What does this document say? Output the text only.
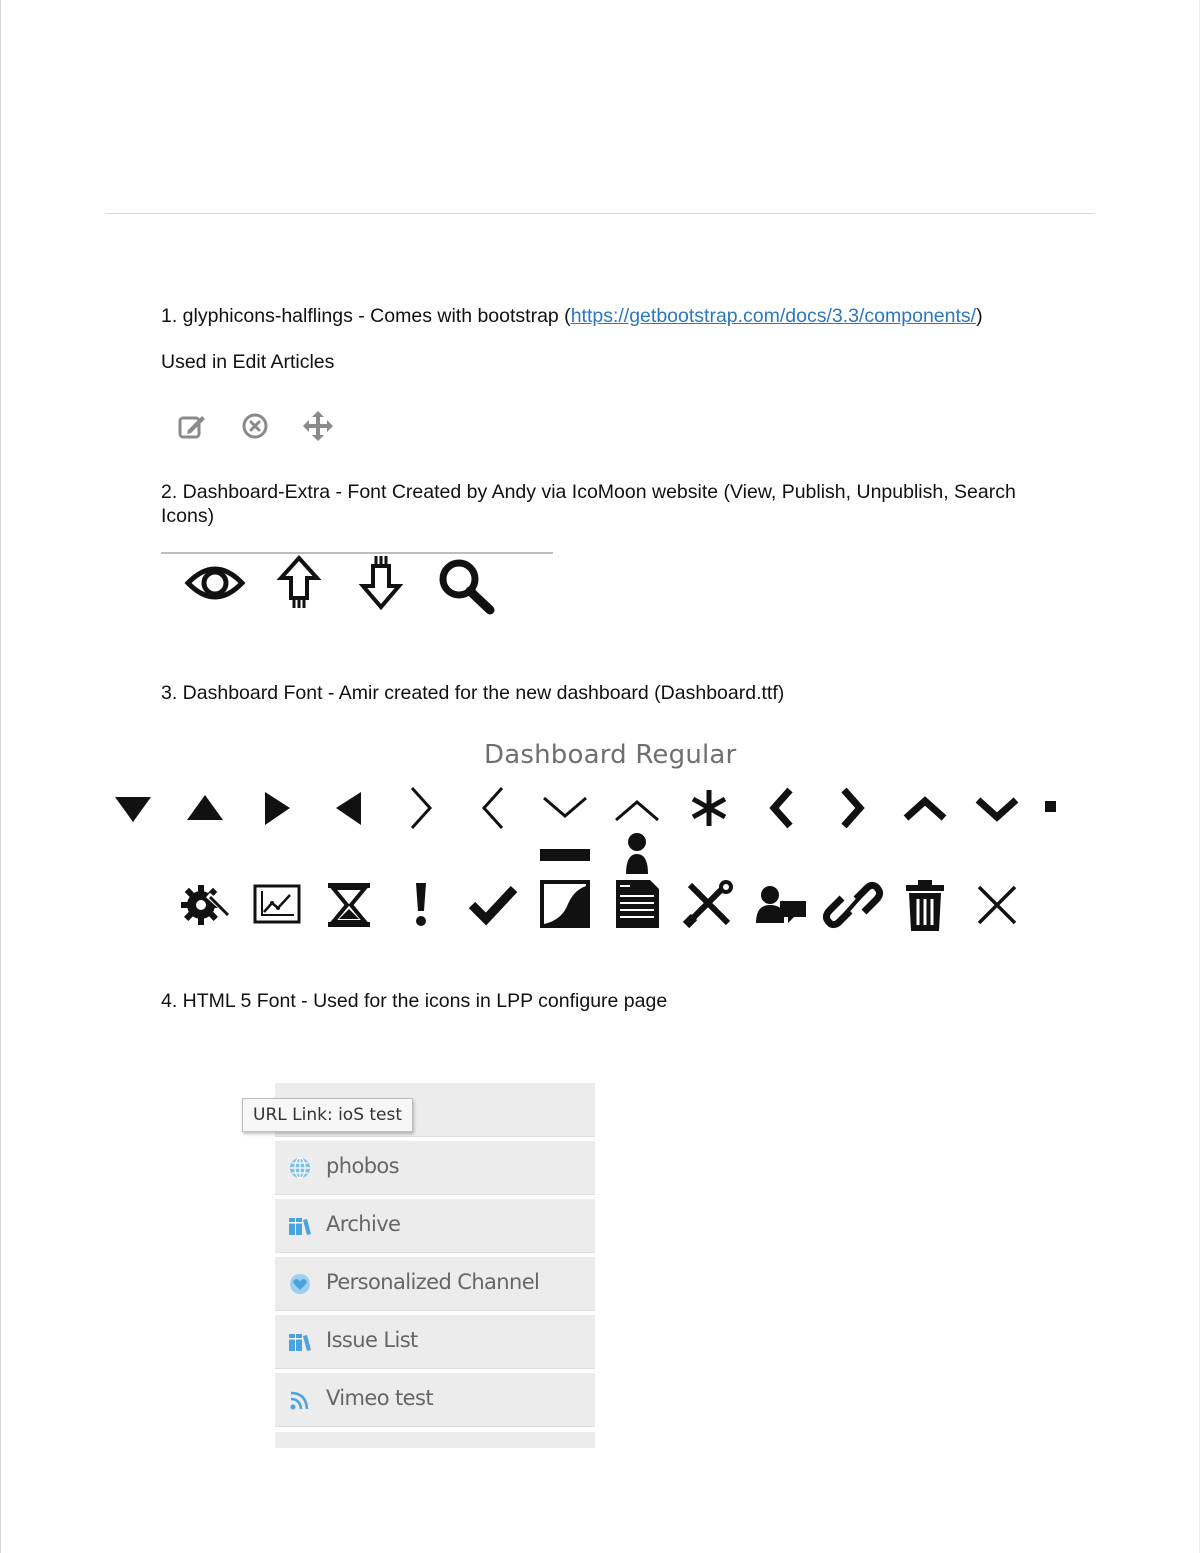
1. glyphicons-halflings - Comes with bootstrap (https://getbootstrap.com/docs/3.3/components/)
Used in Edit Articles
2. Dashboard-Extra - Font Created by Andy via IcoMoon website (View, Publish, Unpublish, Search Icons)
3. Dashboard Font - Amir created for the new dashboard (Dashboard.ttf)
Dashboard Regular
4. HTML 5 Font - Used for the icons in LPP configure page
phobos
Archive
Personalized Channel
Issue List
Vimeo test
URL Link: ioS test
